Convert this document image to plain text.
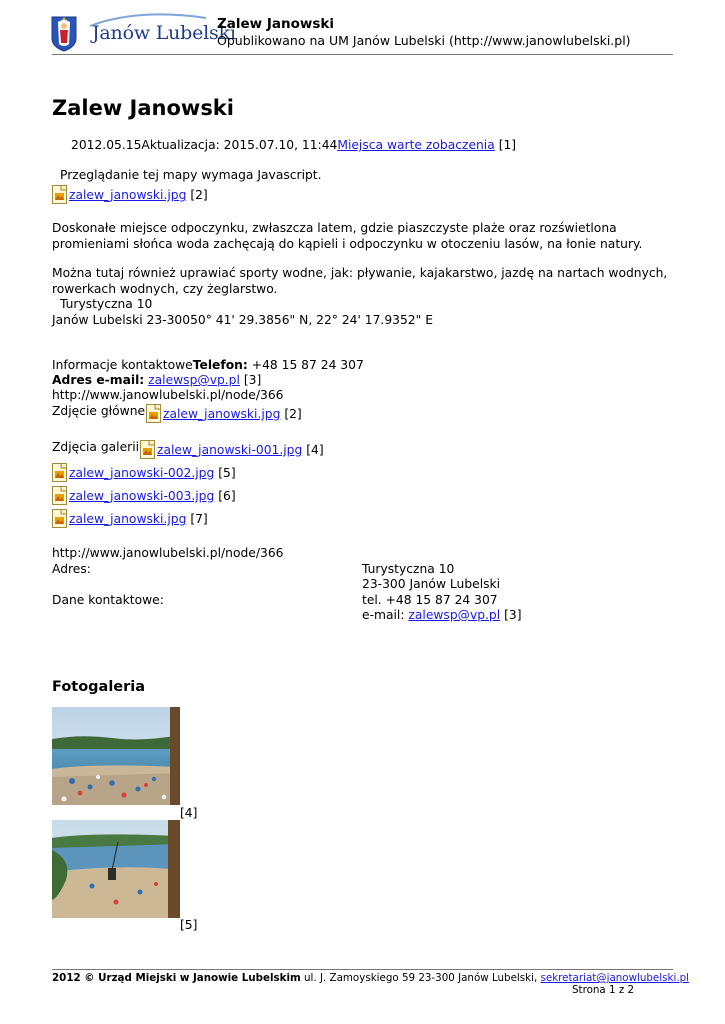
Janów Lubelski
Zalew Janowski
Opublikowano na UM Janów Lubelski (http://www.janowlubelski.pl)
Zalew Janowski
2012.05.15Aktualizacja: 2015.07.10, 11:44Miejsca warte zobaczenia [1]
Przeglądanie tej mapy wymaga Javascript.
zalew_janowski.jpg [2]
Doskonałe miejsce odpoczynku, zwłaszcza latem, gdzie piaszczyste plaże oraz rozświetlona promieniami słońca woda zachęcają do kąpieli i odpoczynku w otoczeniu lasów, na łonie natury.
Można tutaj również uprawiać sporty wodne, jak: pływanie, kajakarstwo, jazdę na nartach wodnych, rowerkach wodnych, czy żeglarstwo.
Turystyczna 10
Janów Lubelski 23-30050° 41' 29.3856" N, 22° 24' 17.9352" E
Informacje kontaktoweTelefon: +48 15 87 24 307
Adres e-mail: zalewsp@vp.pl [3]
http://www.janowlubelski.pl/node/366
Zdjęcie główne	zalew_janowski.jpg [2]
Zdjęcia galerii	zalew_janowski-001.jpg [4]
zalew_janowski-002.jpg [5]
zalew_janowski-003.jpg [6]
zalew_janowski.jpg [7]
http://www.janowlubelski.pl/node/366
Adres:	Turystyczna 10
23-300 Janów Lubelski
Dane kontaktowe:	tel. +48 15 87 24 307
e-mail: zalewsp@vp.pl [3]
Fotogaleria
[4]
[5]
2012 © Urząd Miejski w Janowie Lubelskim ul. J. Zamoyskiego 59 23-300 Janów Lubelski, sekretariat@janowlubelski.pl
Strona 1 z 2
